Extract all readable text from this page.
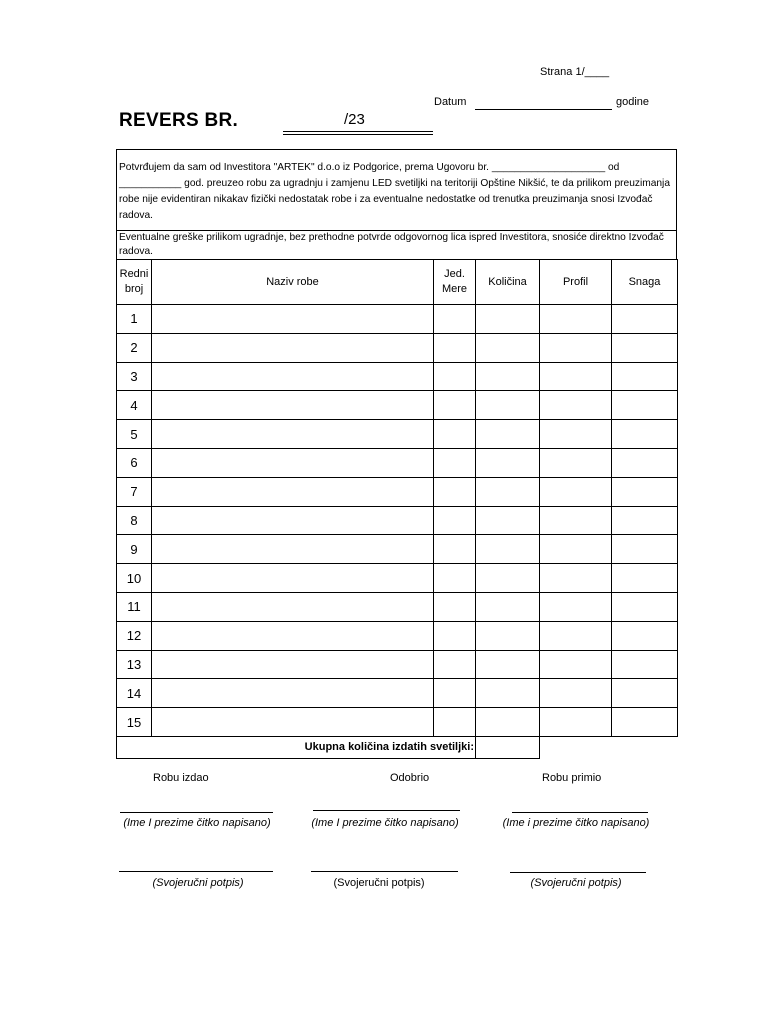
Strana 1/____
Datum	godine
REVERS BR.	/23
Potvrđujem da sam od Investitora "ARTEK" d.o.o iz Podgorice, prema Ugovoru br. ____________________ od ___________ god. preuzeo robu za ugradnju i zamjenu LED svetiljki na teritoriji Opštine Nikšić, te da prilikom preuzimanja robe nije evidentiran nikakav fizički nedostatak robe i za eventualne nedostatke od trenutka preuzimanja snosi Izvođač radova.
Eventualne greške prilikom ugradnje, bez prethodne potvrde odgovornog lica ispred Investitora, snosiće direktno Izvođač radova.
Redni broj	Naziv robe	Jed. Mere	Količina	Profil	Snaga
1					
2					
3					
4					
5					
6					
7					
8					
9					
10					
11					
12					
13					
14					
15					
Ukupna količina izdatih svetiljki:					
Robu izdao	Odobrio	Robu primio
(Ime I prezime čitko napisano)	(Ime I prezime čitko napisano)	(Ime i prezime čitko napisano)
(Svojeručni potpis)	(Svojeručni potpis)	(Svojeručni potpis)
